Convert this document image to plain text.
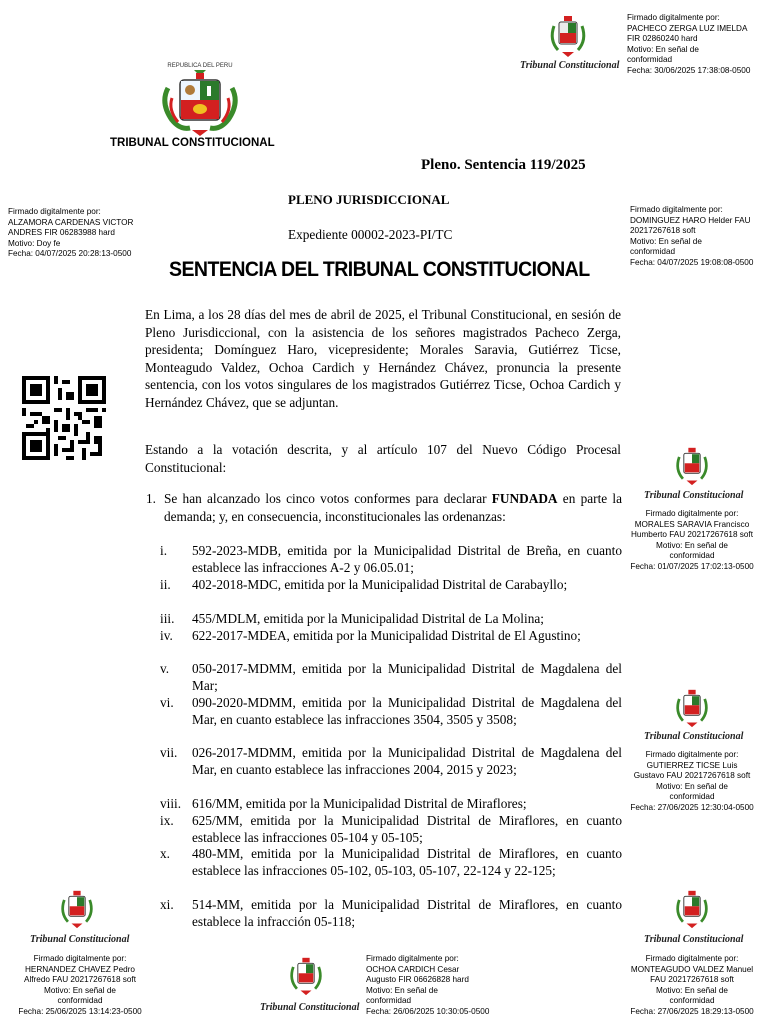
REPUBLICA DEL PERU
TRIBUNAL CONSTITUCIONAL
Tribunal Constitucional
Firmado digitalmente por:
PACHECO ZERGA LUZ IMELDA
FIR 02860240 hard
Motivo: En señal de
conformidad
Fecha: 30/06/2025 17:38:08-0500
Pleno. Sentencia 119/2025
PLENO JURISDICCIONAL
Expediente 00002-2023-PI/TC
SENTENCIA DEL TRIBUNAL CONSTITUCIONAL
Firmado digitalmente por:
ALZAMORA CARDENAS VICTOR
ANDRES FIR 06283988 hard
Motivo: Doy fe
Fecha: 04/07/2025 20:28:13-0500
Firmado digitalmente por:
DOMINGUEZ HARO Helder FAU
20217267618 soft
Motivo: En señal de
conformidad
Fecha: 04/07/2025 19:08:08-0500
En Lima, a los 28 días del mes de abril de 2025, el Tribunal Constitucional, en sesión de Pleno Jurisdiccional, con la asistencia de los señores magistrados Pacheco Zerga, presidenta; Domínguez Haro, vicepresidente; Morales Saravia, Gutiérrez Ticse, Monteagudo Valdez, Ochoa Cardich y Hernández Chávez, pronuncia la presente sentencia, con los votos singulares de los magistrados Gutiérrez Ticse, Ochoa Cardich y Hernández Chávez, que se adjuntan.
Estando a la votación descrita, y al artículo 107 del Nuevo Código Procesal Constitucional:
1. Se han alcanzado los cinco votos conformes para declarar FUNDADA en parte la demanda; y, en consecuencia, inconstitucionales las ordenanzas:
i.	592-2023-MDB, emitida por la Municipalidad Distrital de Breña, en cuanto establece las infracciones A-2 y 06.05.01;
ii.	402-2018-MDC, emitida por la Municipalidad Distrital de Carabayllo;
iii.	455/MDLM, emitida por la Municipalidad Distrital de La Molina;
iv.	622-2017-MDEA, emitida por la Municipalidad Distrital de El Agustino;
v.	050-2017-MDMM, emitida por la Municipalidad Distrital de Magdalena del Mar;
vi.	090-2020-MDMM, emitida por la Municipalidad Distrital de Magdalena del Mar, en cuanto establece las infracciones 3504, 3505 y 3508;
vii.	026-2017-MDMM, emitida por la Municipalidad Distrital de Magdalena del Mar, en cuanto establece las infracciones 2004, 2015 y 2023;
viii. 616/MM, emitida por la Municipalidad Distrital de Miraflores;
ix.	625/MM, emitida por la Municipalidad Distrital de Miraflores, en cuanto establece las infracciones 05-104 y 05-105;
x.	480-MM, emitida por la Municipalidad Distrital de Miraflores, en cuanto establece las infracciones 05-102, 05-103, 05-107, 22-124 y 22-125;
xi.	514-MM, emitida por la Municipalidad Distrital de Miraflores, en cuanto establece la infracción 05-118;
Tribunal Constitucional
Firmado digitalmente por:
MORALES SARAVIA Francisco
Humberto FAU 20217267618 soft
Motivo: En señal de
conformidad
Fecha: 01/07/2025 17:02:13-0500
Tribunal Constitucional
Firmado digitalmente por:
GUTIERREZ TICSE Luis
Gustavo FAU 20217267618 soft
Motivo: En señal de
conformidad
Fecha: 27/06/2025 12:30:04-0500
Tribunal Constitucional
Firmado digitalmente por:
HERNANDEZ CHAVEZ Pedro
Alfredo FAU 20217267618 soft
Motivo: En señal de
conformidad
Fecha: 25/06/2025 13:14:23-0500	Tribunal Constitucional
Firmado digitalmente por:
OCHOA CARDICH Cesar
Augusto FIR 06626828 hard
Motivo: En señal de
conformidad
Fecha: 26/06/2025 10:30:05-0500
Tribunal Constitucional
Firmado digitalmente por:
MONTEAGUDO VALDEZ Manuel
FAU 20217267618 soft
Motivo: En señal de
conformidad
Fecha: 27/06/2025 18:29:13-0500
